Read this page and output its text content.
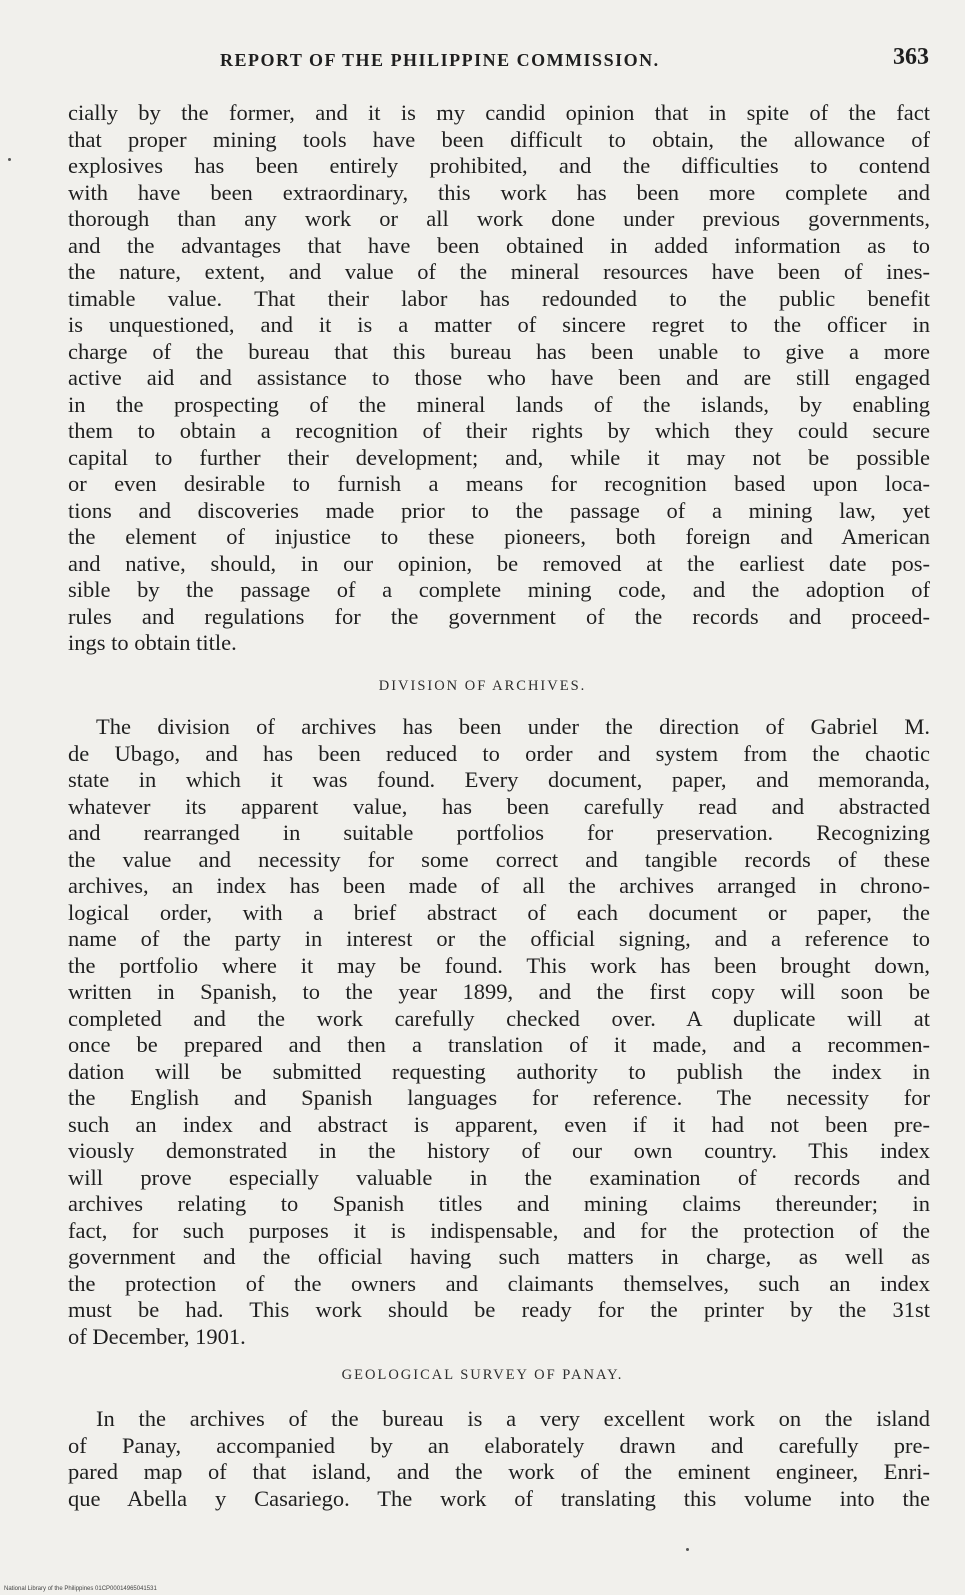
REPORT OF THE PHILIPPINE COMMISSION.	363
cially by the former, and it is my candid opinion that in spite of the fact
that proper mining tools have been difficult to obtain, the allowance of
explosives has been entirely prohibited, and the difficulties to contend
with have been extraordinary, this work has been more complete and
thorough than any work or all work done under previous governments,
and the advantages that have been obtained in added information as to
the nature, extent, and value of the mineral resources have been of ines-
timable value. That their labor has redounded to the public benefit
is unquestioned, and it is a matter of sincere regret to the officer in
charge of the bureau that this bureau has been unable to give a more
active aid and assistance to those who have been and are still engaged
in the prospecting of the mineral lands of the islands, by enabling
them to obtain a recognition of their rights by which they could secure
capital to further their development; and, while it may not be possible
or even desirable to furnish a means for recognition based upon loca-
tions and discoveries made prior to the passage of a mining law, yet
the element of injustice to these pioneers, both foreign and American
and native, should, in our opinion, be removed at the earliest date pos-
sible by the passage of a complete mining code, and the adoption of
rules and regulations for the government of the records and proceed-
ings to obtain title.
DIVISION OF ARCHIVES.
The division of archives has been under the direction of Gabriel M.
de Ubago, and has been reduced to order and system from the chaotic
state in which it was found. Every document, paper, and memoranda,
whatever its apparent value, has been carefully read and abstracted
and rearranged in suitable portfolios for preservation. Recognizing
the value and necessity for some correct and tangible records of these
archives, an index has been made of all the archives arranged in chrono-
logical order, with a brief abstract of each document or paper, the
name of the party in interest or the official signing, and a reference to
the portfolio where it may be found. This work has been brought down,
written in Spanish, to the year 1899, and the first copy will soon be
completed and the work carefully checked over. A duplicate will at
once be prepared and then a translation of it made, and a recommen-
dation will be submitted requesting authority to publish the index in
the English and Spanish languages for reference. The necessity for
such an index and abstract is apparent, even if it had not been pre-
viously demonstrated in the history of our own country. This index
will prove especially valuable in the examination of records and
archives relating to Spanish titles and mining claims thereunder; in
fact, for such purposes it is indispensable, and for the protection of the
government and the official having such matters in charge, as well as
the protection of the owners and claimants themselves, such an index
must be had. This work should be ready for the printer by the 31st
of December, 1901.
GEOLOGICAL SURVEY OF PANAY.
In the archives of the bureau is a very excellent work on the island
of Panay, accompanied by an elaborately drawn and carefully pre-
pared map of that island, and the work of the eminent engineer, Enri-
que Abella y Casariego. The work of translating this volume into the
National Library of the Philippines 01CP00014965041531
